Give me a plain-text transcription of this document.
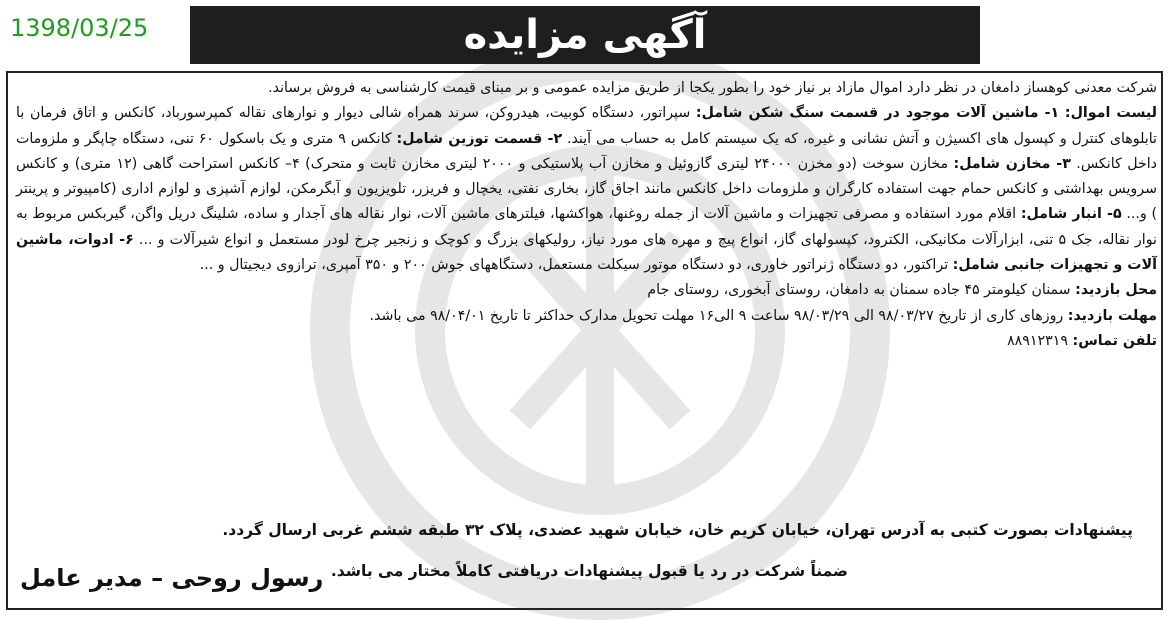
1398/03/25	آگهی مزایده

شرکت معدنی کوهساز دامغان در نظر دارد اموال مازاد بر نیاز خود را بطور یکجا از طریق مزایده عمومی و بر مبنای قیمت کارشناسی به فروش برساند.

لیست اموال: ۱- ماشین آلات موجود در قسمت سنگ شکن شامل: سپراتور، دستگاه کوبیت، هیدروکن، سرند همراه شالی دیوار و نوارهای نقاله کمپرسورباد، کانکس و اتاق فرمان با تابلوهای کنترل و کپسول های اکسیژن و آتش نشانی و غیره، که یک سیستم کامل به حساب می آیند. ۲- قسمت توزین شامل: کانکس ۹ متری و یک باسکول ۶۰ تنی، دستگاه چاپگر و ملزومات داخل کانکس. ۳- مخازن شامل: مخازن سوخت (دو مخزن ۲۴۰۰۰ لیتری گازوئیل و مخازن آب پلاستیکی و ۲۰۰۰ لیتری مخازن ثابت و متحرک) ۴– کانکس استراحت گاهی (۱۲ متری) و کانکس سرویس بهداشتی و کانکس حمام جهت استفاده کارگران و ملزومات داخل کانکس مانند اجاق گاز، بخاری نفتی، یخچال و فریزر، تلویزیون و آبگرمکن، لوازم آشپزی و لوازم اداری (کامپیوتر و پرینتر ) و... ۵- انبار شامل: اقلام مورد استفاده و مصرفی تجهیزات و ماشین آلات از جمله روغنها، هواکشها، فیلترهای ماشین آلات، نوار نقاله های آجدار و ساده، شلینگ دریل واگن، گیربکس مربوط به نوار نقاله، جک ۵ تنی، ابزارآلات مکانیکی، الکترود، کپسولهای گاز، انواع پیچ و مهره های مورد نیاز، رولیکهای بزرگ و کوچک و زنجیر چرخ لودر مستعمل و انواع شیرآلات و ... ۶- ادوات، ماشین آلات و تجهیزات جانبی شامل: تراکتور، دو دستگاه ژنراتور خاوری، دو دستگاه موتور سیکلت مستعمل، دستگاههای جوش ۲۰۰ و ۳۵۰ آمپری، ترازوی دیجیتال و ...

محل بازدید: سمنان کیلومتر ۴۵ جاده سمنان به دامغان، روستای آبخوری، روستای جام

مهلت بازدید: روزهای کاری از تاریخ ۹۸/۰۳/۲۷ الی ۹۸/۰۳/۲۹ ساعت ۹ الی۱۶ مهلت تحویل مدارک حداکثر تا تاریخ ۹۸/۰۴/۰۱ می باشد.

تلفن تماس: ۸۸۹۱۲۳۱۹

پیشنهادات بصورت کتبی به آدرس تهران، خیابان کریم خان، خیابان شهید عضدی، پلاک ۳۲ طبقه ششم غربی ارسال گردد.
ضمناً شرکت در رد یا قبول پیشنهادات دریافتی کاملاً مختار می باشد.
رسول روحی – مدیر عامل
